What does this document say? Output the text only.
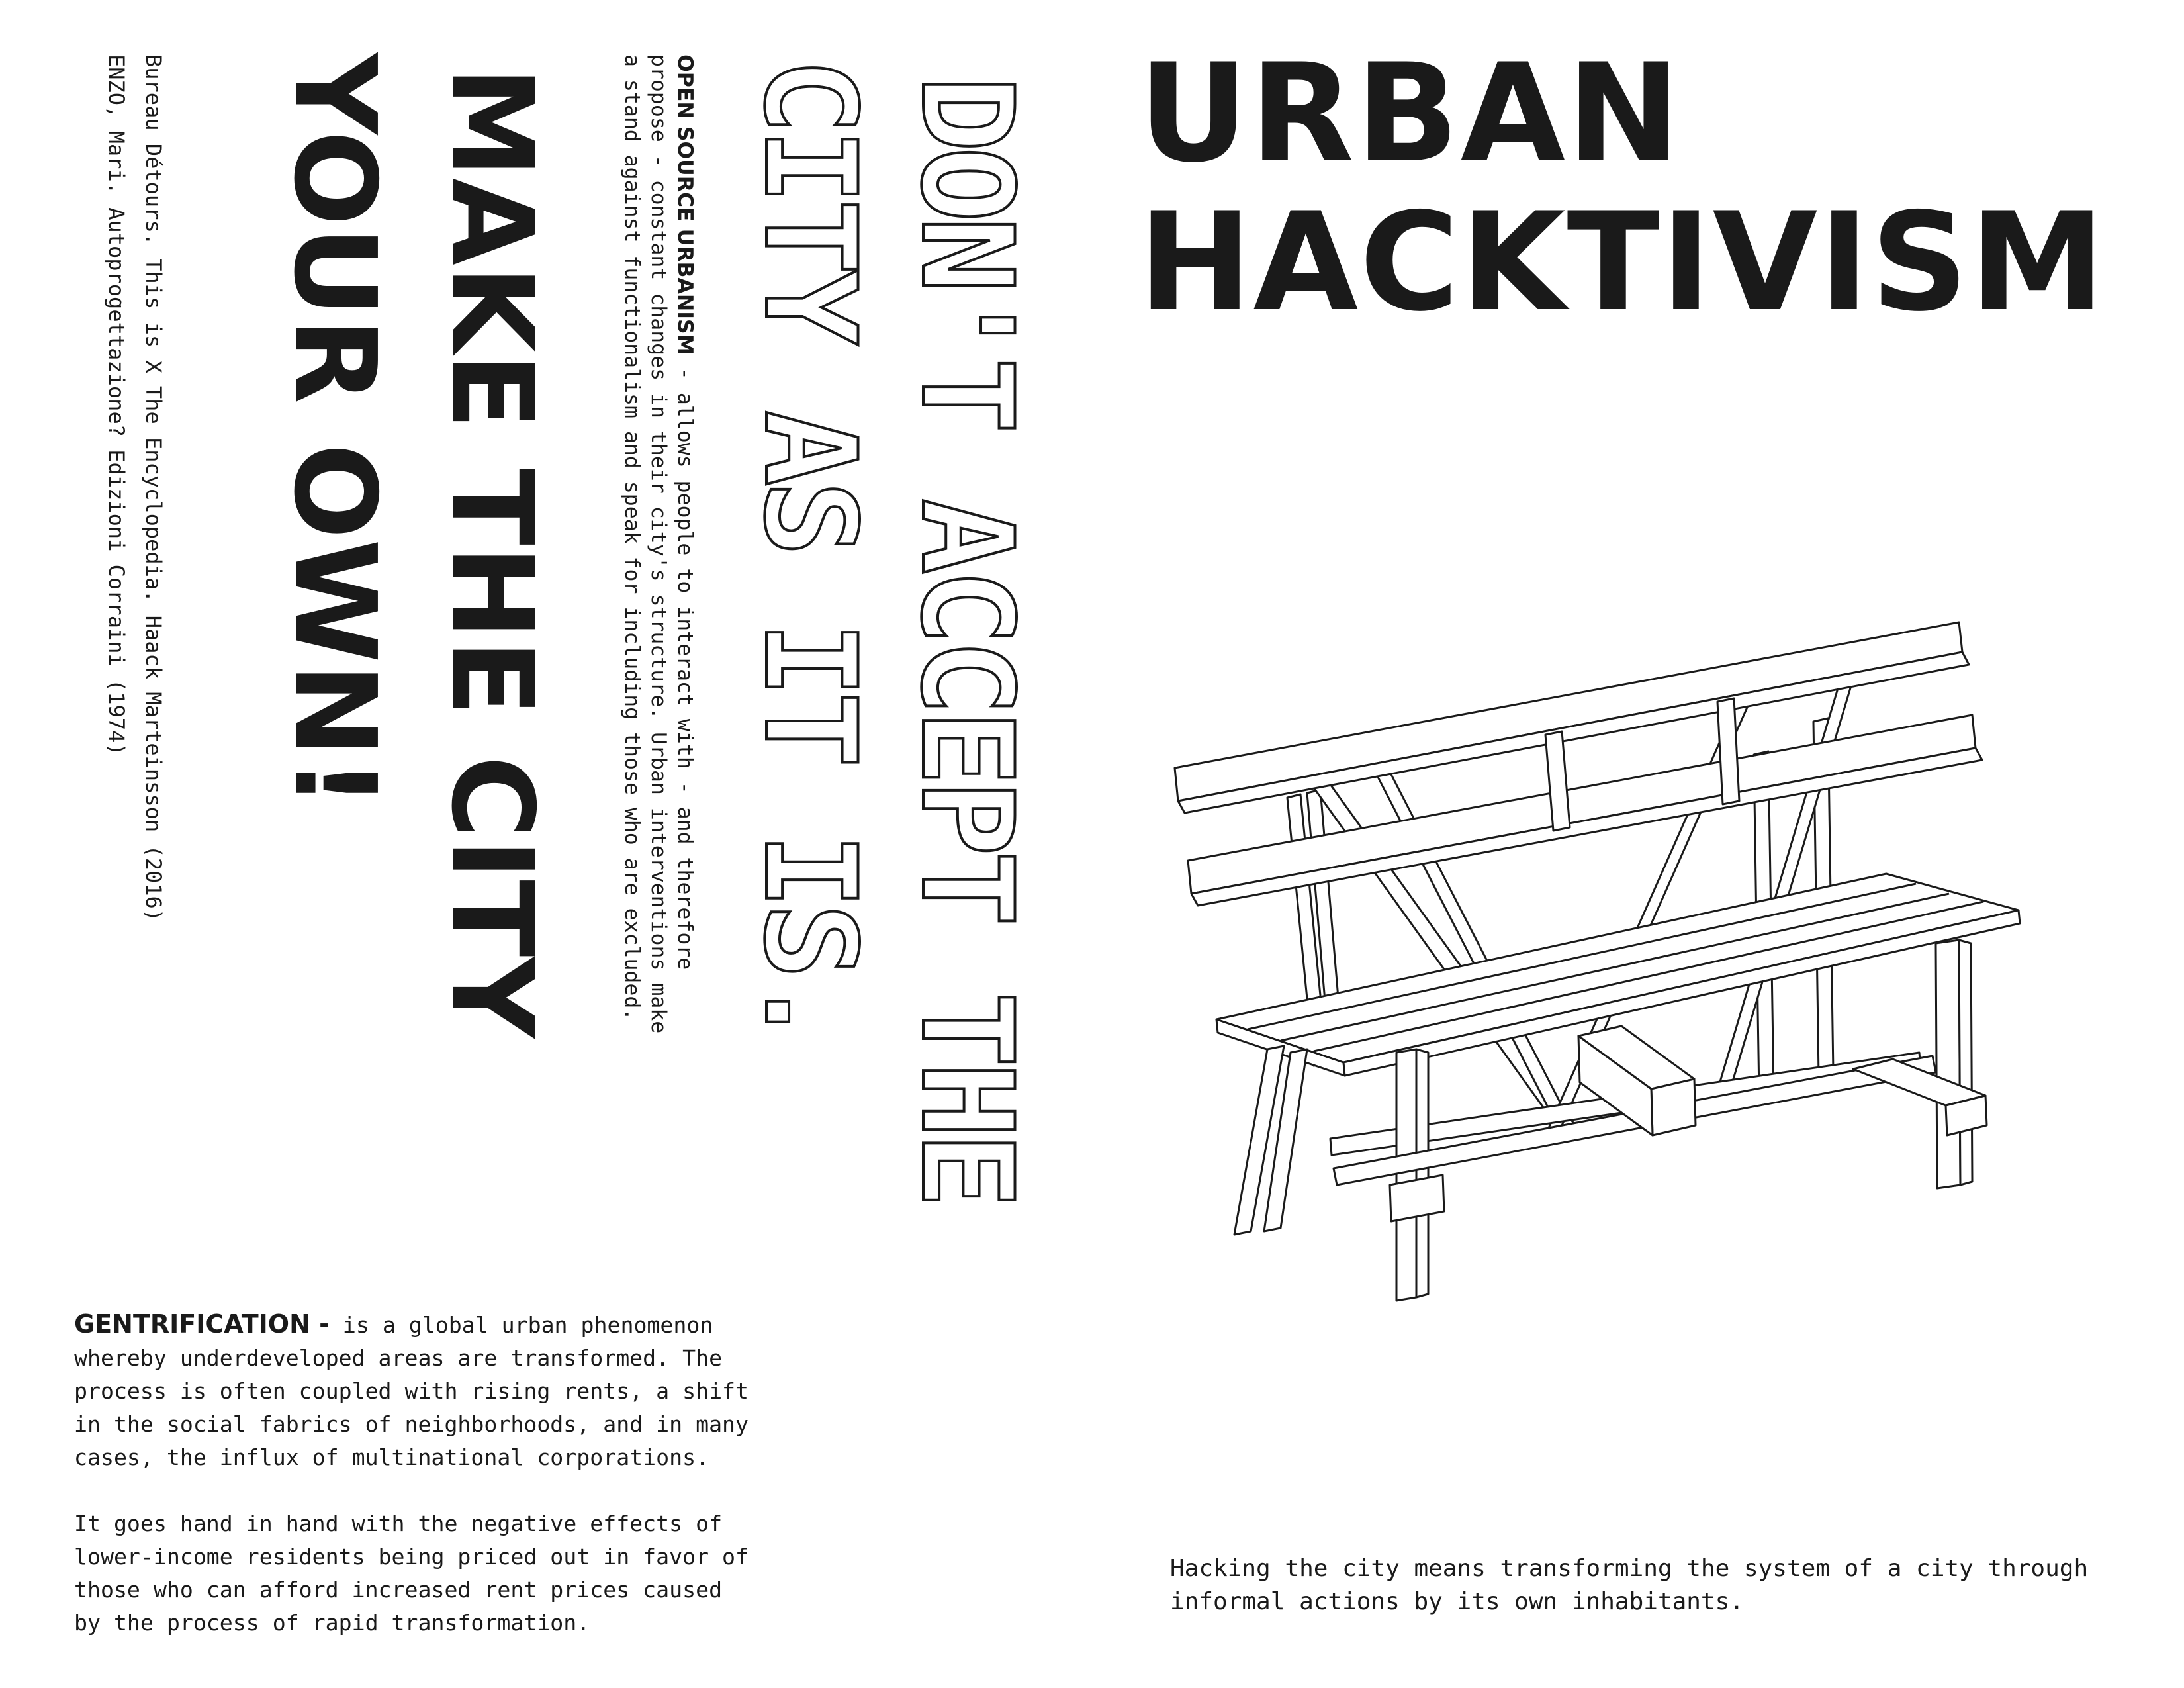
URBAN
HACKTIVISM

Hacking the city means transforming the system of a city through
informal actions by its own inhabitants.

DON'T ACCEPT THE
CITY AS IT IS.
OPEN SOURCE URBANISM - allows people to interact with - and therefore
propose - constant changes in their city's structure. Urban interventions make
a stand against functionalism and speak for including those who are excluded.
MAKE THE CITY
YOUR OWN!
Bureau Détours. This is X The Encyclopedia. Haack Marteinsson (2016)
ENZO, Mari. Autoprogettazione? Edizioni Corraini (1974)

GENTRIFICATION - is a global urban phenomenon
whereby underdeveloped areas are transformed. The
process is often coupled with rising rents, a shift
in the social fabrics of neighborhoods, and in many
cases, the influx of multinational corporations.

It goes hand in hand with the negative effects of
lower-income residents being priced out in favor of
those who can afford increased rent prices caused
by the process of rapid transformation.
